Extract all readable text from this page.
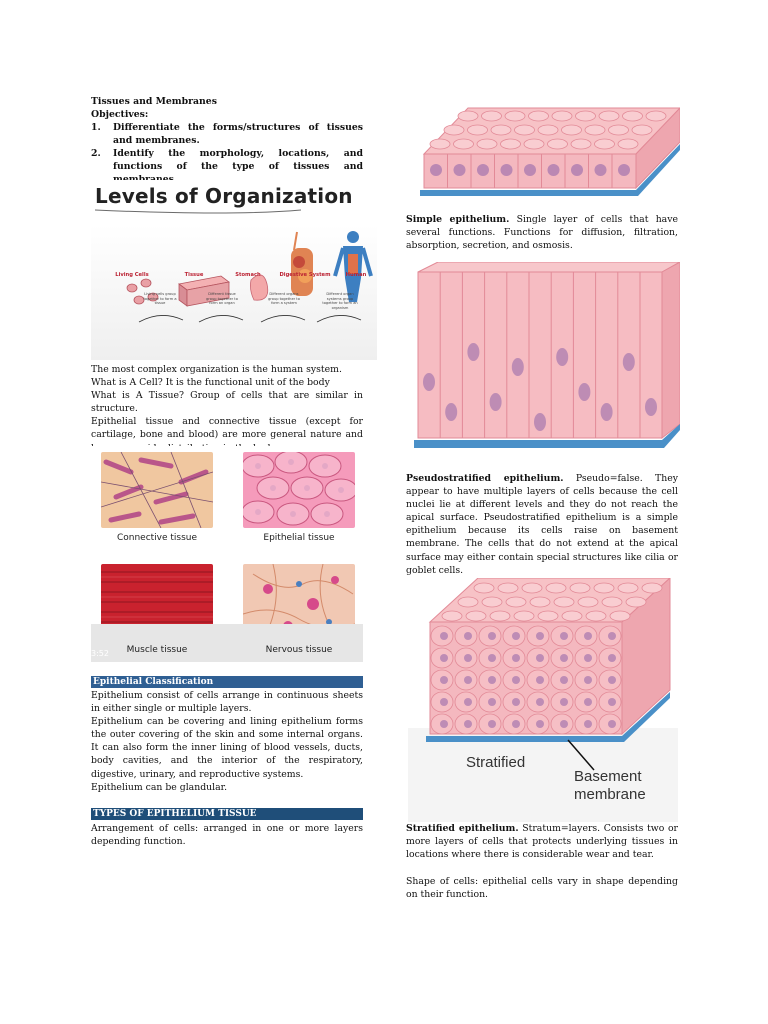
Tissues and Membranes
Objectives:
1.	Differentiate the forms/structures of tissues and membranes.
2.	Identify the morphology, locations, and functions of the type of tissues and
Levels of Organization
Living Cells	Tissue	Stomach	Digestive System	Human
Living cells group together to form a tissue
Different tissue group together to form an organ
Different organs group together to form a system
Different organ systems group together to form an organism

The most complex organization is the human system.

What is A Cell? It is the functional unit of the body

What is A Tissue? Group of cells that are similar in structure.

Epithelial tissue and connective tissue (except for cartilage, bone and blood) are more general nature and

Connective tissue	Epithelial tissue
Muscle tissue	Nervous tissue
3:52
Epithelial Classification

Epithelium consist of cells arrange in continuous sheets in either single or multiple layers.

Epithelium can be covering and lining epithelium forms the outer covering of the skin and some internal organs. It can also form the inner lining of blood vessels, ducts, body cavities, and the interior of the respiratory, digestive, urinary, and reproductive systems.

Epithelium can be glandular.

TYPES OF EPITHELIUM TISSUE
Arrangement of cells: arranged in one or more layers depending function.
Simple epithelium. Single layer of cells that have several functions. Functions for diffusion, filtration, absorption, secretion, and osmosis.
Pseudostratified epithelium. Pseudo=false. They appear to have multiple layers of cells because the cell nuclei lie at different levels and they do not reach the apical surface. Pseudostratified epithelium is a simple epithelium because its cells raise on basement membrane. The cells that do not extend at the apical surface may either contain special structures like cilia or goblet cells.
Stratified
Basement
membrane
Stratified epithelium. Stratum=layers. Consists two or more layers of cells that protects underlying tissues in locations where there is considerable wear and tear.
Shape of cells: epithelial cells vary in shape depending on their function.
